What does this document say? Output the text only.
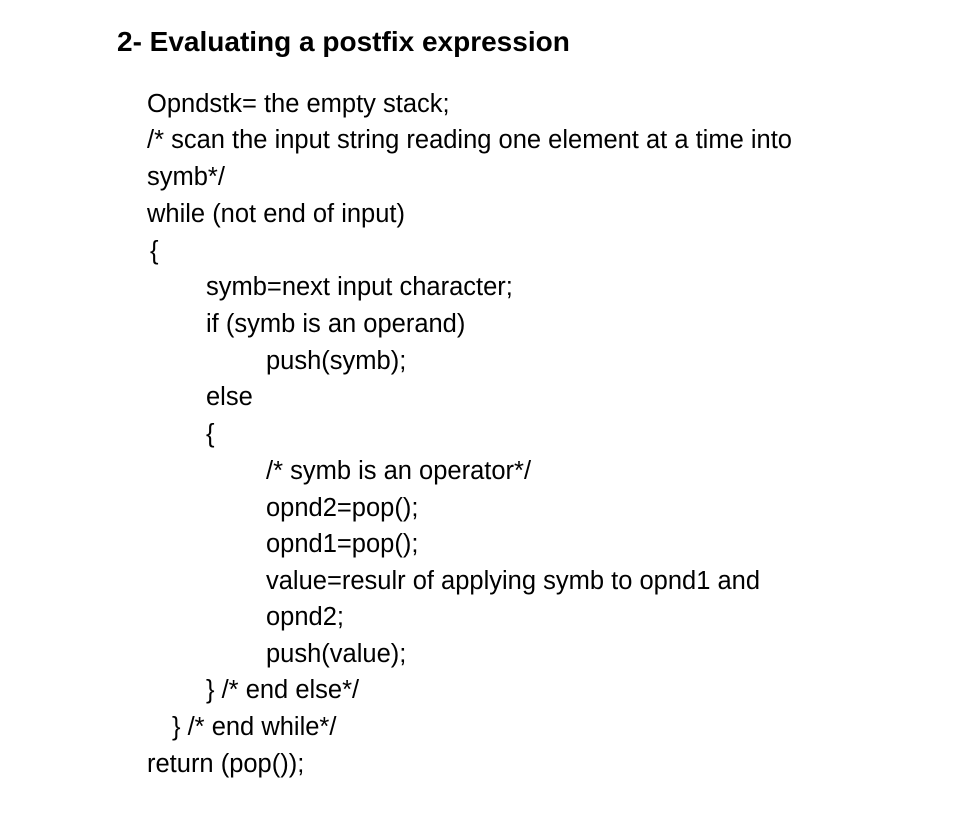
2- Evaluating a postfix expression
Opndstk= the empty stack;
/* scan the input string reading one element at a time into
symb*/
while (not end of input)
{
symb=next input character;
if (symb is an operand)
push(symb);
else
{
/* symb is an operator*/
opnd2=pop();
opnd1=pop();
value=resulr of applying symb to opnd1 and
opnd2;
push(value);
} /* end else*/
} /* end while*/
return (pop());
